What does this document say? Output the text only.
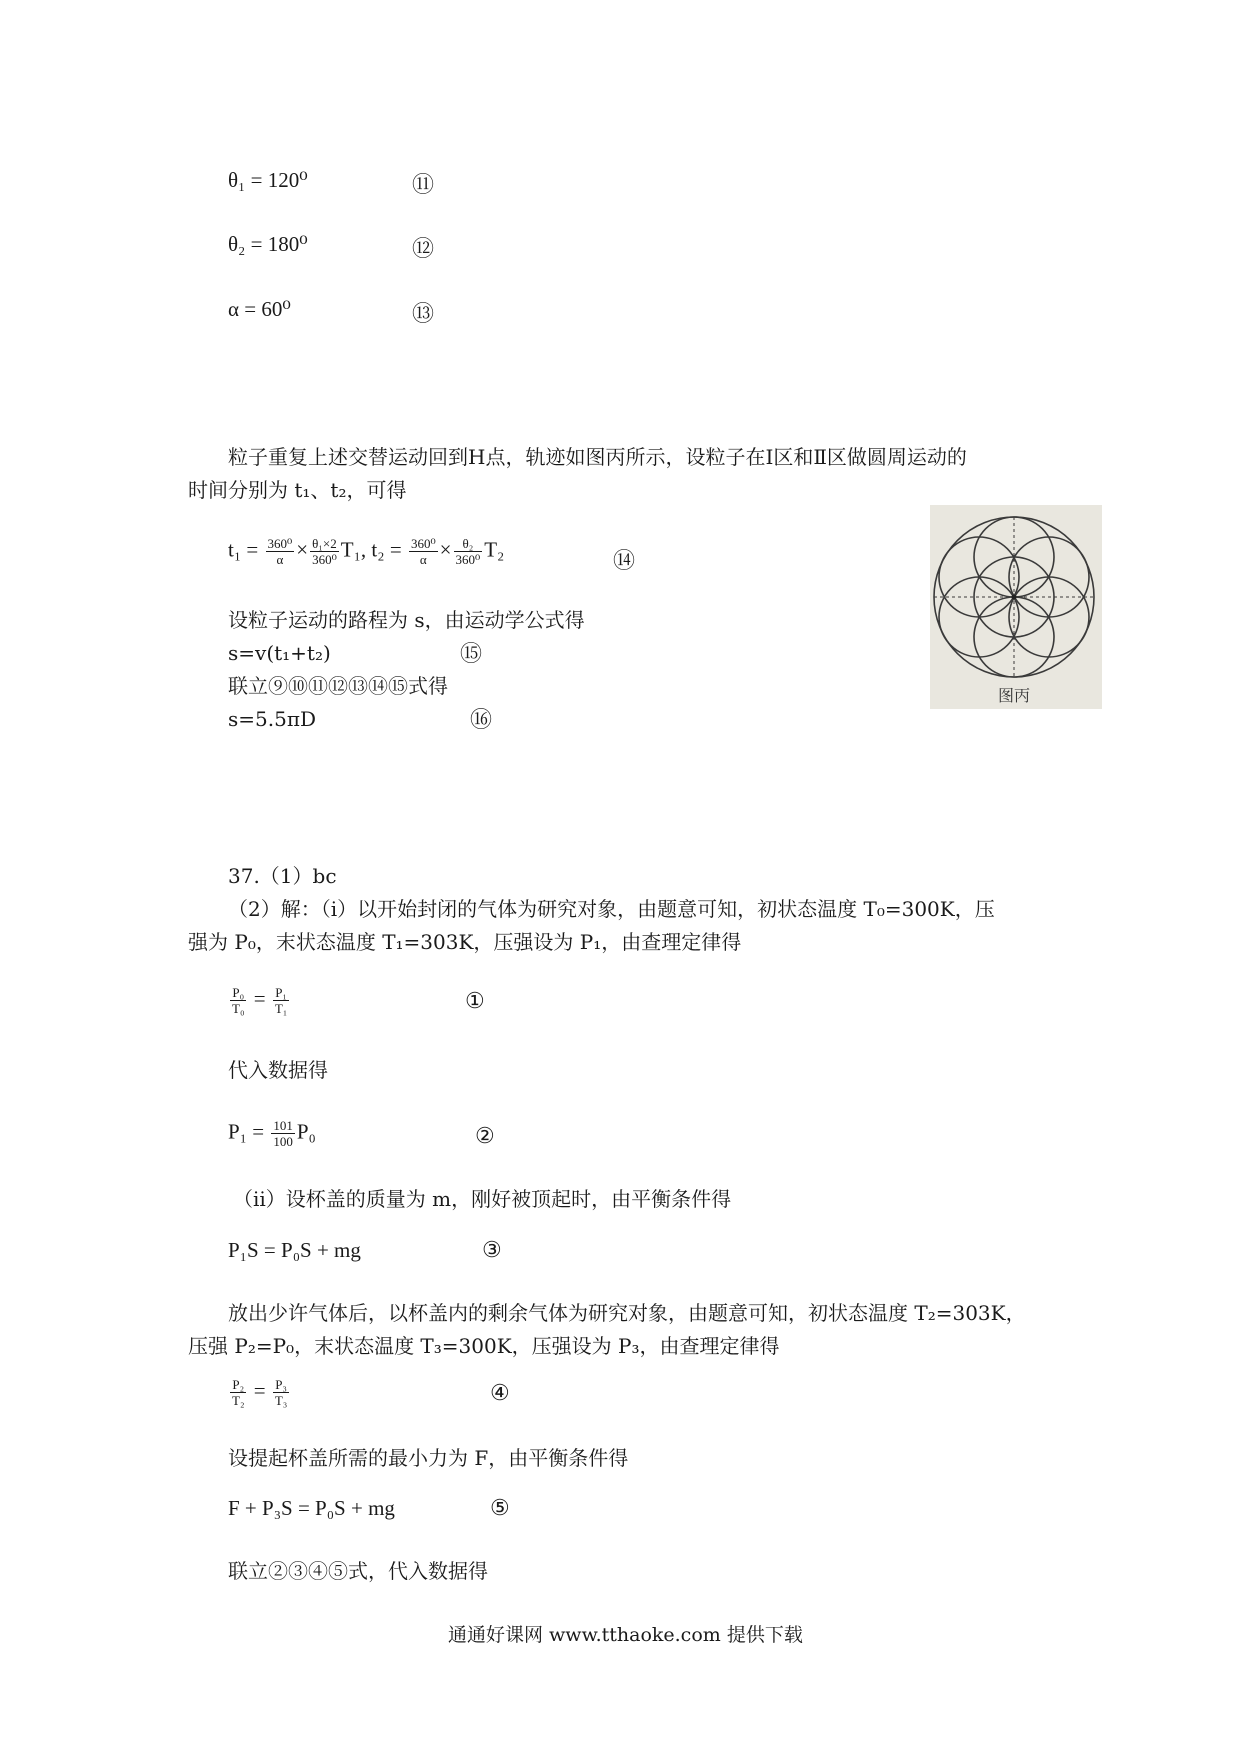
θ₁ = 120⁰	⑪
θ₂ = 180⁰	⑫
α = 60⁰	⑬
粒子重复上述交替运动回到H点，轨迹如图丙所示，设粒子在Ⅰ区和Ⅱ区做圆周运动的
时间分别为 t₁、t₂，可得
$t_1 = \frac{\text{360⁰}}{\alpha} \times \frac{\text{θ₁×2}}{\text{360⁰}} T_1$, $t_2 = \frac{\text{360⁰}}{\alpha} \times \frac{\text{θ₂}}{\text{360⁰}} T_2$	⑭
设粒子运动的路程为 s，由运动学公式得
s=v(t₁+t₂)	⑮
联立⑨⑩⑪⑫⑬⑭⑮式得
s=5.5πD	⑯
图丙
37.（1）bc
（2）解：（ⅰ）以开始封闭的气体为研究对象，由题意可知，初状态温度 T₀=300K，压
强为 P₀，末状态温度 T₁=303K，压强设为 P₁，由查理定律得
$\frac{\text{P₀}}{\text{T₀}} = \frac{\text{P₁}}{\text{T₁}}$	①
代入数据得
$P_1 = \frac{101}{100} P_0$	②
（ⅱ）设杯盖的质量为 m，刚好被顶起时，由平衡条件得
P₁S = P₀S + mg	③
放出少许气体后，以杯盖内的剩余气体为研究对象，由题意可知，初状态温度 T₂=303K，
压强 P₂=P₀，末状态温度 T₃=300K，压强设为 P₃，由查理定律得
$\frac{\text{P₂}}{\text{T₂}} = \frac{\text{P₃}}{\text{T₃}}$	④
设提起杯盖所需的最小力为 F，由平衡条件得
F + P₃S = P₀S + mg	⑤
联立②③④⑤式，代入数据得
通通好课网 www.tthaoke.com 提供下载
